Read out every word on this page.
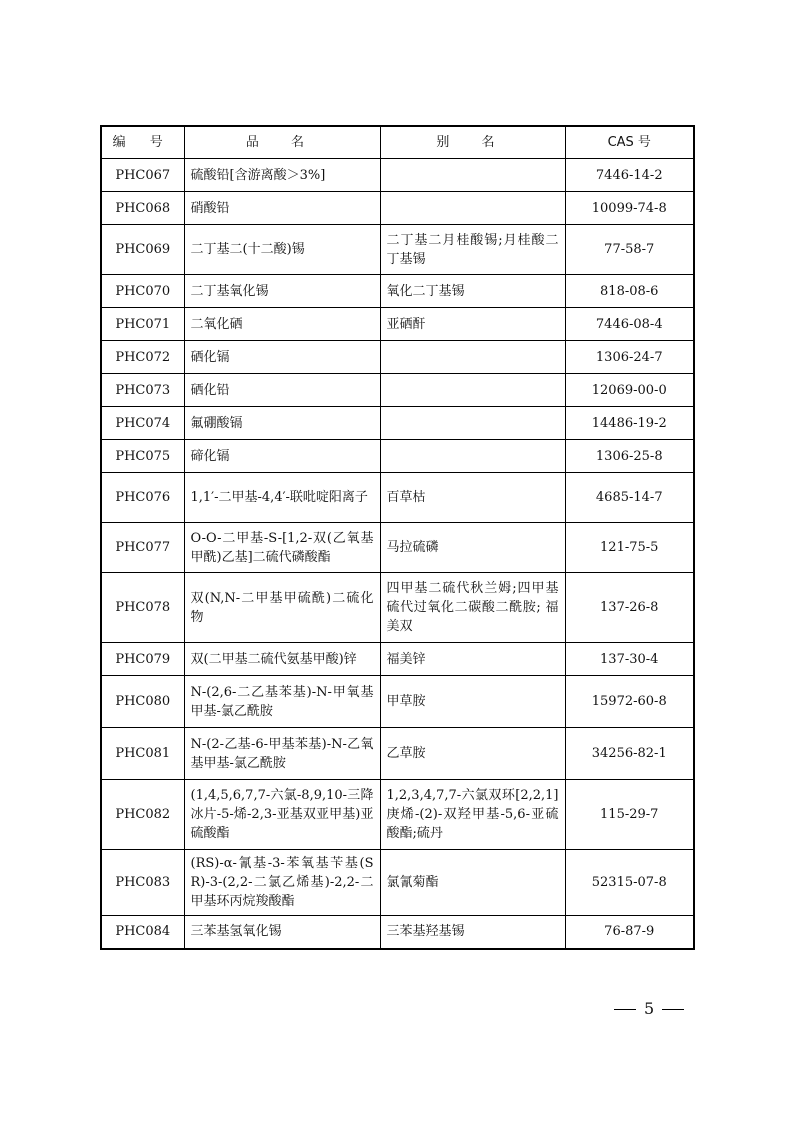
编 号	品 名	别 名	CAS 号
PHC067	硫酸铅[含游离酸＞3%]		7446-14-2
PHC068	硝酸铅		10099-74-8
PHC069	二丁基二(十二酸)锡	二丁基二月桂酸锡;月桂酸二丁基锡	77-58-7
PHC070	二丁基氧化锡	氧化二丁基锡	818-08-6
PHC071	二氧化硒	亚硒酐	7446-08-4
PHC072	硒化镉		1306-24-7
PHC073	硒化铅		12069-00-0
PHC074	氟硼酸镉		14486-19-2
PHC075	碲化镉		1306-25-8
PHC076	1,1′-二甲基-4,4′-联吡啶阳离子	百草枯	4685-14-7
PHC077	O-O-二甲基-S-[1,2-双(乙氧基甲酰)乙基]二硫代磷酸酯	马拉硫磷	121-75-5
PHC078	双(N,N-二甲基甲硫酰)二硫化物	四甲基二硫代秋兰姆;四甲基硫代过氧化二碳酸二酰胺; 福美双	137-26-8
PHC079	双(二甲基二硫代氨基甲酸)锌	福美锌	137-30-4
PHC080	N-(2,6-二乙基苯基)-N-甲氧基甲基-氯乙酰胺	甲草胺	15972-60-8
PHC081	N-(2-乙基-6-甲基苯基)-N-乙氧基甲基-氯乙酰胺	乙草胺	34256-82-1
PHC082	(1,4,5,6,7,7-六氯-8,9,10-三降冰片-5-烯-2,3-亚基双亚甲基)亚硫酸酯	1,2,3,4,7,7-六氯双环[2,2,1]庚烯-(2)-双羟甲基-5,6-亚硫酸酯;硫丹	115-29-7
PHC083	(RS)-α-氰基-3-苯氧基苄基(SR)-3-(2,2-二氯乙烯基)-2,2-二甲基环丙烷羧酸酯	氯氰菊酯	52315-07-8
PHC084	三苯基氢氧化锡	三苯基羟基锡	76-87-9
5
